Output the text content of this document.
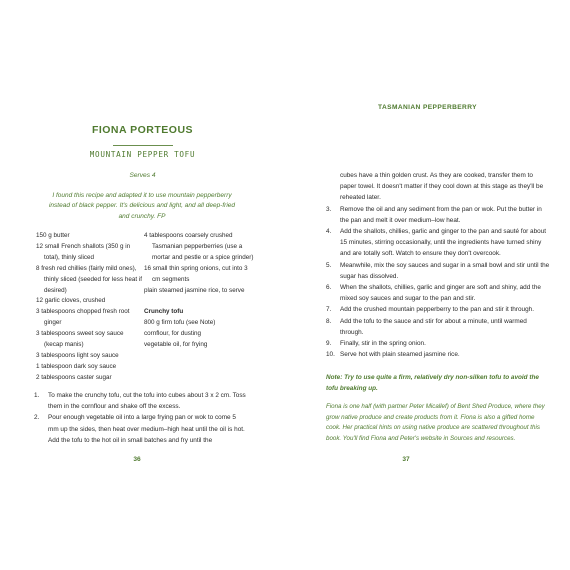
FIONA PORTEOUS
MOUNTAIN PEPPER TOFU
Serves 4
I found this recipe and adapted it to use mountain pepperberry instead of black pepper. It's delicious and light, and all deep-fried and crunchy. FP
150 g butter
12 small French shallots (350 g in total), thinly sliced
8 fresh red chillies (fairly mild ones), thinly sliced (seeded for less heat if desired)
12 garlic cloves, crushed
3 tablespoons chopped fresh root ginger
3 tablespoons sweet soy sauce (kecap manis)
3 tablespoons light soy sauce
1 tablespoon dark soy sauce
2 tablespoons caster sugar
4 tablespoons coarsely crushed Tasmanian pepperberries (use a mortar and pestle or a spice grinder)
16 small thin spring onions, cut into 3 cm segments
plain steamed jasmine rice, to serve
Crunchy tofu
800 g firm tofu (see Note)
cornflour, for dusting
vegetable oil, for frying
1. To make the crunchy tofu, cut the tofu into cubes about 3 x 2 cm. Toss them in the cornflour and shake off the excess.
2. Pour enough vegetable oil into a large frying pan or wok to come 5 mm up the sides, then heat over medium–high heat until the oil is hot. Add the tofu to the hot oil in small batches and fry until the
36
TASMANIAN PEPPERBERRY
cubes have a thin golden crust. As they are cooked, transfer them to paper towel. It doesn't matter if they cool down at this stage as they'll be reheated later.
3. Remove the oil and any sediment from the pan or wok. Put the butter in the pan and melt it over medium–low heat.
4. Add the shallots, chillies, garlic and ginger to the pan and sauté for about 15 minutes, stirring occasionally, until the ingredients have turned shiny and are totally soft. Watch to ensure they don't overcook.
5. Meanwhile, mix the soy sauces and sugar in a small bowl and stir until the sugar has dissolved.
6. When the shallots, chillies, garlic and ginger are soft and shiny, add the mixed soy sauces and sugar to the pan and stir.
7. Add the crushed mountain pepperberry to the pan and stir it through.
8. Add the tofu to the sauce and stir for about a minute, until warmed through.
9. Finally, stir in the spring onion.
10. Serve hot with plain steamed jasmine rice.
Note: Try to use quite a firm, relatively dry non-silken tofu to avoid the tofu breaking up.
Fiona is one half (with partner Peter Micallef) of Bent Shed Produce, where they grow native produce and create products from it. Fiona is also a gifted home cook. Her practical hints on using native produce are scattered throughout this book. You'll find Fiona and Peter's website in Sources and resources.
37
